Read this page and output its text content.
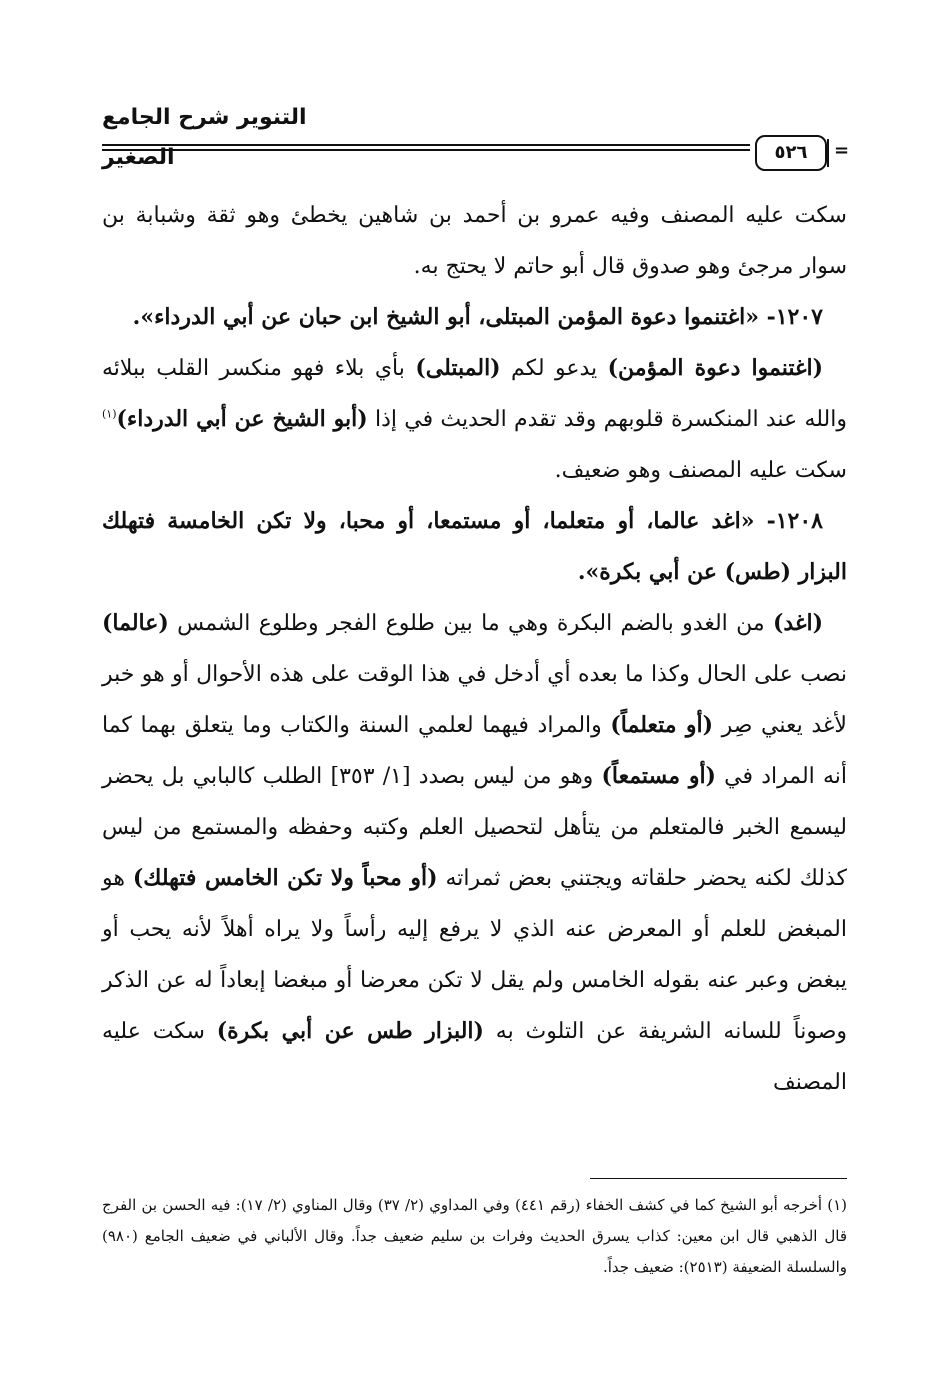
التنوير شرح الجامع الصغير	٥٢٦	=

سكت عليه المصنف وفيه عمرو بن أحمد بن شاهين يخطئ وهو ثقة وشبابة بن سوار مرجئ وهو صدوق قال أبو حاتم لا يحتج به.

١٢٠٧- «اغتنموا دعوة المؤمن المبتلى، أبو الشيخ ابن حبان عن أبي الدرداء».

(اغتنموا دعوة المؤمن) يدعو لكم (المبتلى) بأي بلاء فهو منكسر القلب ببلائه والله عند المنكسرة قلوبهم وقد تقدم الحديث في إذا (أبو الشيخ عن أبي الدرداء)$^{(١)}$ سكت عليه المصنف وهو ضعيف.

١٢٠٨- «اغد عالما، أو متعلما، أو مستمعا، أو محبا، ولا تكن الخامسة فتهلك البزار (طس) عن أبي بكرة».

(اغد) من الغدو بالضم البكرة وهي ما بين طلوع الفجر وطلوع الشمس (عالما) نصب على الحال وكذا ما بعده أي أدخل في هذا الوقت على هذه الأحوال أو هو خبر لأغد يعني صِر (أو متعلماً) والمراد فيهما لعلمي السنة والكتاب وما يتعلق بهما كما أنه المراد في (أو مستمعاً) وهو من ليس بصدد [١/ ٣٥٣] الطلب كالبابي بل يحضر ليسمع الخبر فالمتعلم من يتأهل لتحصيل العلم وكتبه وحفظه والمستمع من ليس كذلك لكنه يحضر حلقاته ويجتني بعض ثمراته (أو محباً ولا تكن الخامس فتهلك) هو المبغض للعلم أو المعرض عنه الذي لا يرفع إليه رأساً ولا يراه أهلاً لأنه يحب أو يبغض وعبر عنه بقوله الخامس ولم يقل لا تكن معرضا أو مبغضا إبعاداً له عن الذكر وصوناً للسانه الشريفة عن التلوث به (البزار طس عن أبي بكرة) سكت عليه المصنف

(١) أخرجه أبو الشيخ كما في كشف الخفاء (رقم ٤٤١) وفي المداوي (٢/ ٣٧) وقال المناوي (٢/ ١٧): فيه الحسن بن الفرج قال الذهبي قال ابن معين: كذاب يسرق الحديث وفرات بن سليم ضعيف جداً. وقال الألباني في ضعيف الجامع (٩٨٠) والسلسلة الضعيفة (٢٥١٣): ضعيف جداً.
